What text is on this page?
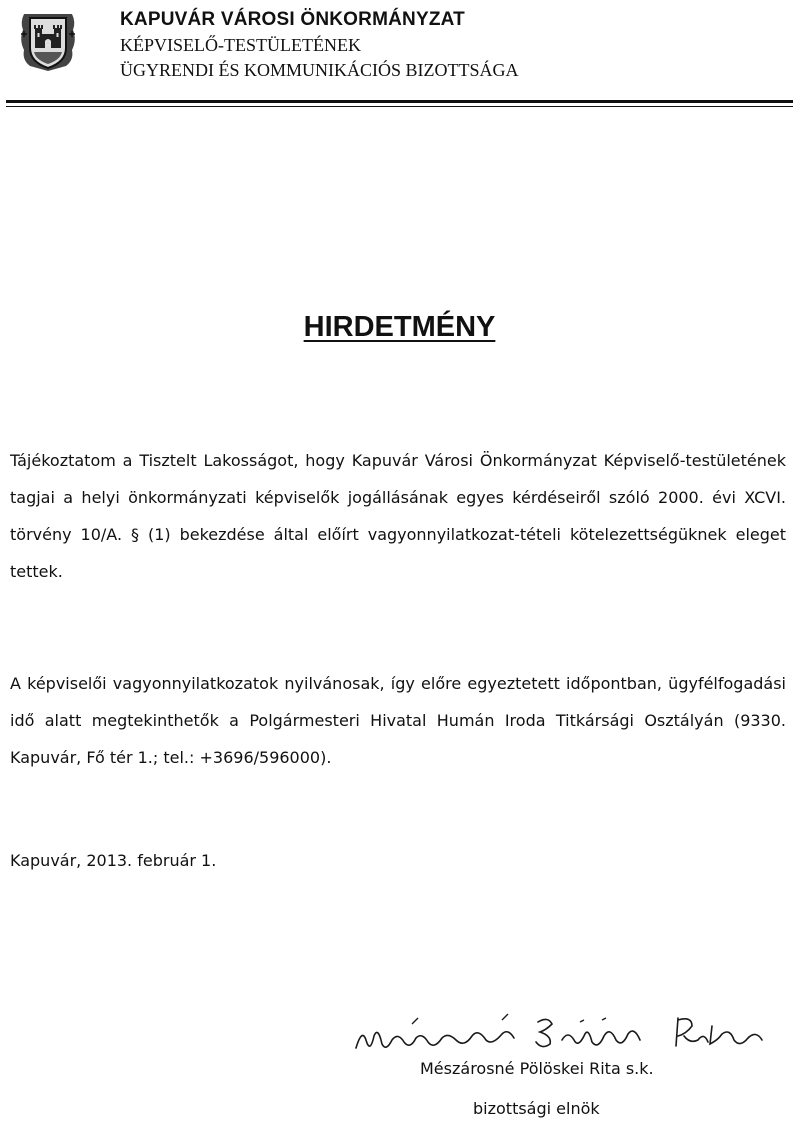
KAPUVÁR VÁROSI ÖNKORMÁNYZAT
KÉPVISELŐ-TESTÜLETÉNEK
ÜGYRENDI ÉS KOMMUNIKÁCIÓS BIZOTTSÁGA
HIRDETMÉNY
Tájékoztatom a Tisztelt Lakosságot, hogy Kapuvár Városi Önkormányzat Képviselő-testületének tagjai a helyi önkormányzati képviselők jogállásának egyes kérdéseiről szóló 2000. évi XCVI. törvény 10/A. § (1) bekezdése által előírt vagyonnyilatkozat-tételi kötelezettségüknek eleget tettek.
A képviselői vagyonnyilatkozatok nyilvánosak, így előre egyeztetett időpontban, ügyfélfogadási idő alatt megtekinthetők a Polgármesteri Hivatal Humán Iroda Titkársági Osztályán (9330. Kapuvár, Fő tér 1.; tel.: +3696/596000).
Kapuvár, 2013. február 1.
Mészárosné Pölöskei Rita s.k.
bizottsági elnök
